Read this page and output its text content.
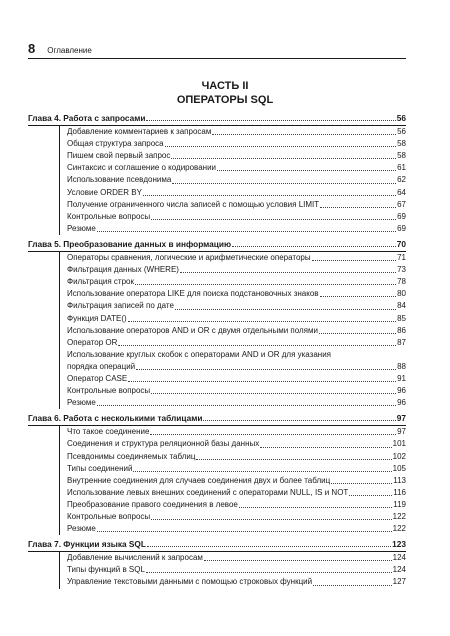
8 Оглавление
ЧАСТЬ II
ОПЕРАТОРЫ SQL
Глава 4. Работа с запросами	56
Добавление комментариев к запросам	56
Общая структура запроса	58
Пишем свой первый запрос	58
Синтаксис и соглашение о кодировании	61
Использование псевдонима	62
Условие ORDER BY	64
Получение ограниченного числа записей с помощью условия LIMIT	67
Контрольные вопросы	69
Резюме	69
Глава 5. Преобразование данных в информацию	70
Операторы сравнения, логические и арифметические операторы	71
Фильтрация данных (WHERE)	73
Фильтрация строк	78
Использование оператора LIKE для поиска подстановочных знаков	80
Фильтрация записей по дате	84
Функция DATE()	85
Использование операторов AND и OR с двумя отдельными полями	86
Оператор OR	87
Использование круглых скобок с операторами AND и OR для указания
порядка операций	88
Оператор CASE	91
Контрольные вопросы	96
Резюме	96
Глава 6. Работа с несколькими таблицами	97
Что такое соединение	97
Соединения и структура реляционной базы данных	101
Псевдонимы соединяемых таблиц	102
Типы соединений	105
Внутренние соединения для случаев соединения двух и более таблиц	113
Использование левых внешних соединений с операторами NULL, IS и NOT	116
Преобразование правого соединения в левое	119
Контрольные вопросы	122
Резюме	122
Глава 7. Функции языка SQL	123
Добавление вычислений к запросам	124
Типы функций в SQL	124
Управление текстовыми данными с помощью строковых функций	127
